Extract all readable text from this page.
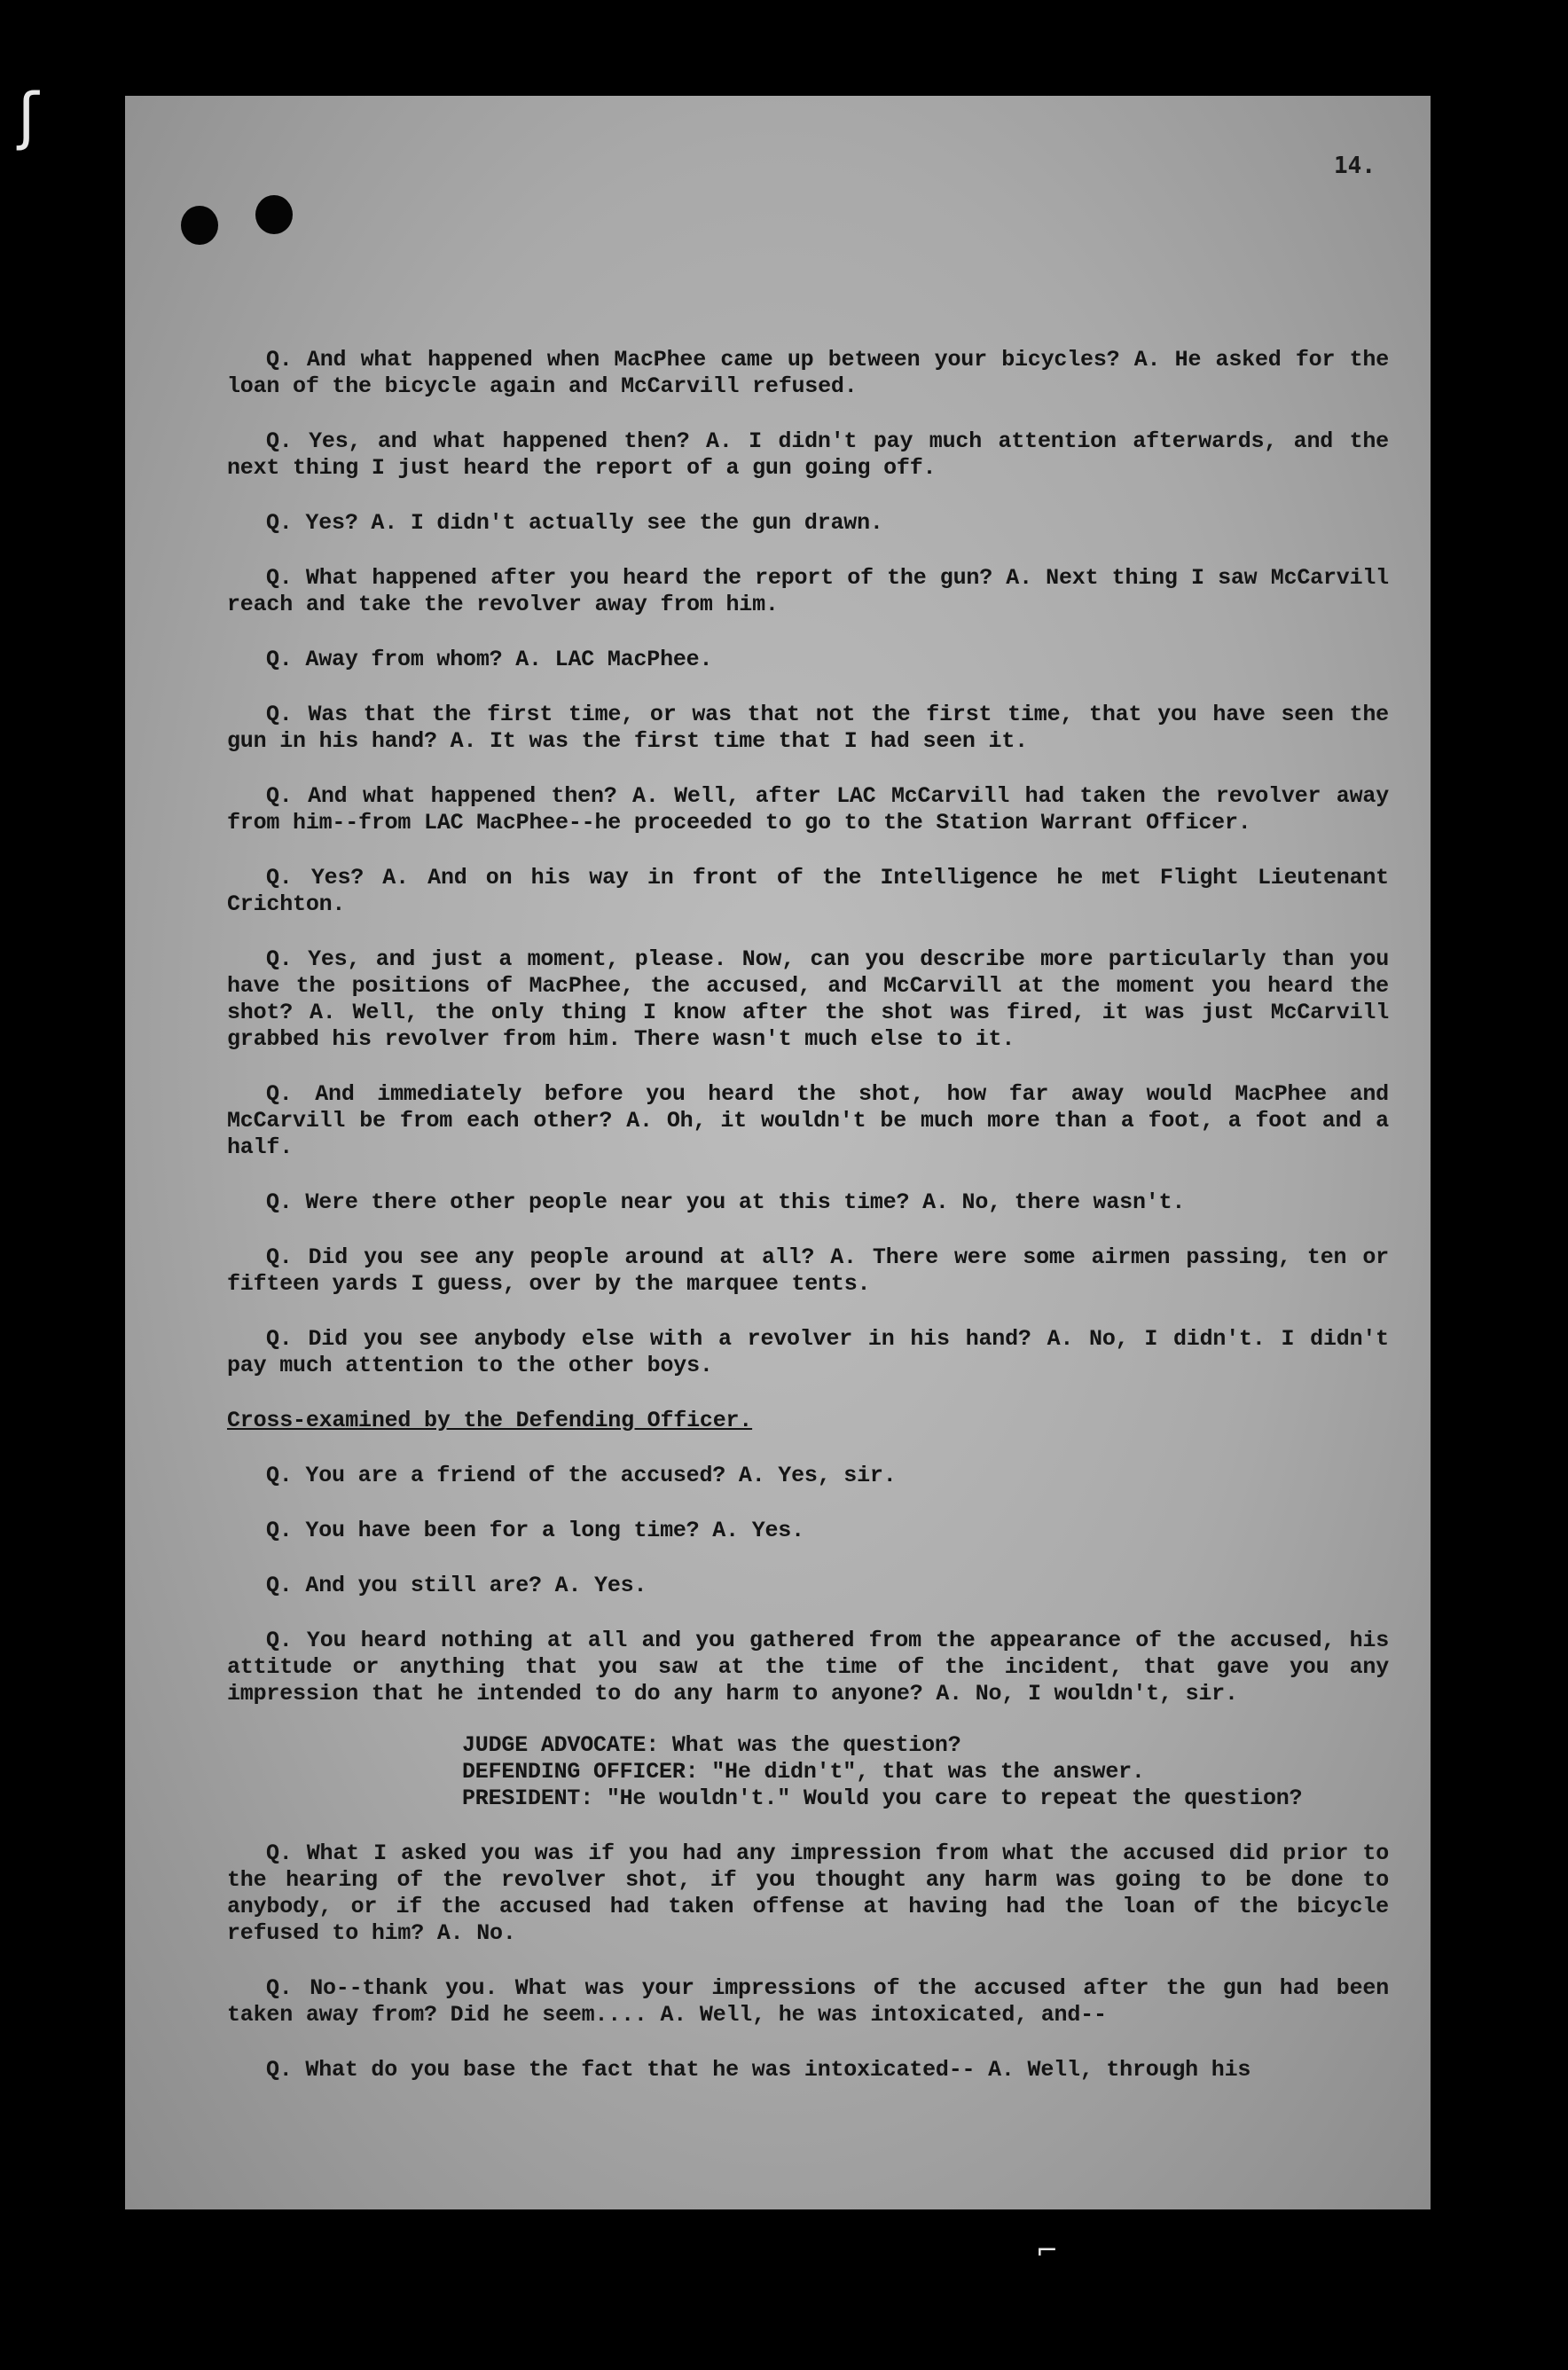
14.

Q. And what happened when MacPhee came up between your bicycles? A. He asked for the loan of the bicycle again and McCarvill refused.

Q. Yes, and what happened then? A. I didn't pay much attention afterwards, and the next thing I just heard the report of a gun going off.

Q. Yes? A. I didn't actually see the gun drawn.

Q. What happened after you heard the report of the gun? A. Next thing I saw McCarvill reach and take the revolver away from him.

Q. Away from whom? A. LAC MacPhee.

Q. Was that the first time, or was that not the first time, that you have seen the gun in his hand? A. It was the first time that I had seen it.

Q. And what happened then? A. Well, after LAC McCarvill had taken the revolver away from him--from LAC MacPhee--he proceeded to go to the Station Warrant Officer.

Q. Yes? A. And on his way in front of the Intelligence he met Flight Lieutenant Crichton.

Q. Yes, and just a moment, please. Now, can you describe more particularly than you have the positions of MacPhee, the accused, and McCarvill at the moment you heard the shot? A. Well, the only thing I know after the shot was fired, it was just McCarvill grabbed his revolver from him. There wasn't much else to it.

Q. And immediately before you heard the shot, how far away would MacPhee and McCarvill be from each other? A. Oh, it wouldn't be much more than a foot, a foot and a half.

Q. Were there other people near you at this time? A. No, there wasn't.

Q. Did you see any people around at all? A. There were some airmen passing, ten or fifteen yards I guess, over by the marquee tents.

Q. Did you see anybody else with a revolver in his hand? A. No, I didn't. I didn't pay much attention to the other boys.

Cross-examined by the Defending Officer.

Q. You are a friend of the accused? A. Yes, sir.

Q. You have been for a long time? A. Yes.

Q. And you still are? A. Yes.

Q. You heard nothing at all and you gathered from the appearance of the accused, his attitude or anything that you saw at the time of the incident, that gave you any impression that he intended to do any harm to anyone? A. No, I wouldn't, sir.

JUDGE ADVOCATE: What was the question?
DEFENDING OFFICER: "He didn't", that was the answer.
PRESIDENT: "He wouldn't." Would you care to repeat the question?

Q. What I asked you was if you had any impression from what the accused did prior to the hearing of the revolver shot, if you thought any harm was going to be done to anybody, or if the accused had taken offense at having had the loan of the bicycle refused to him? A. No.

Q. No--thank you. What was your impressions of the accused after the gun had been taken away from? Did he seem.... A. Well, he was intoxicated, and--

Q. What do you base the fact that he was intoxicated-- A. Well, through his

ʃ
⌐
